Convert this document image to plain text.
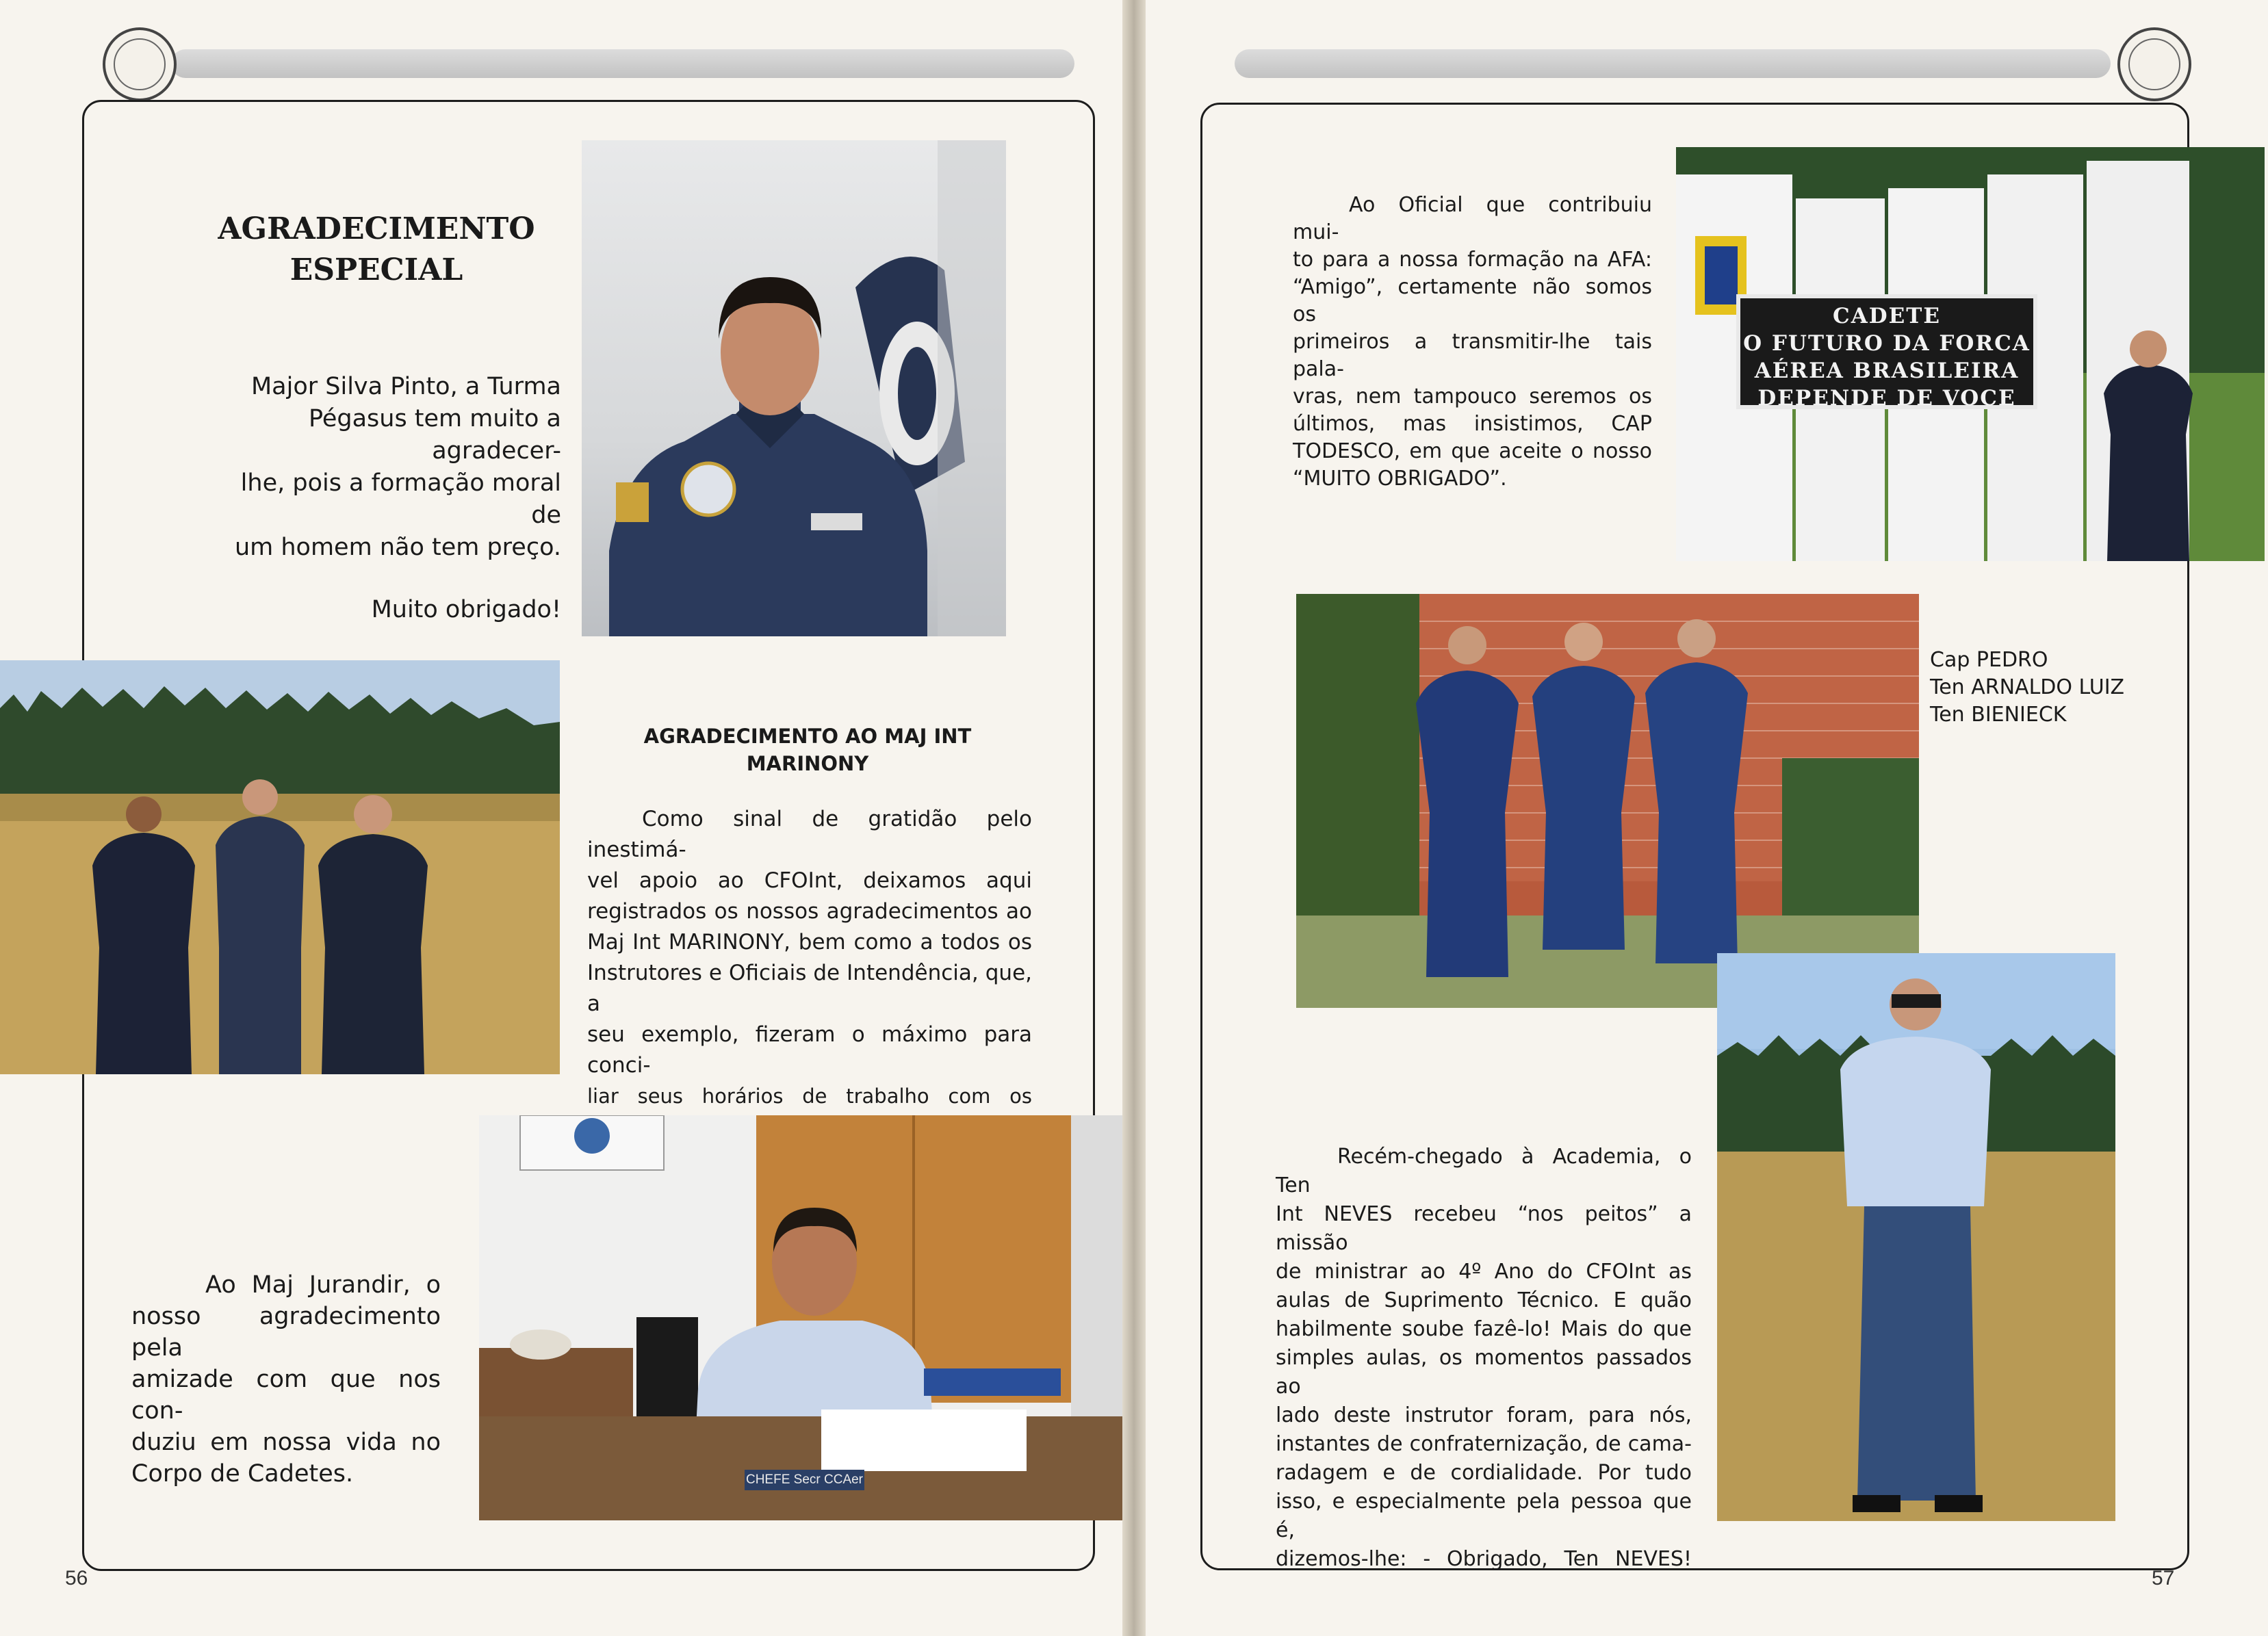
AGRADECIMENTO
ESPECIAL
Major Silva Pinto, a Turma
Pégasus tem muito a agradecer-
lhe, pois a formação moral de
um homem não tem preço.
Muito obrigado!
AGRADECIMENTO AO MAJ INT
MARINONY
Como sinal de gratidão pelo inestimá-
vel apoio ao CFOInt, deixamos aqui
registrados os nossos agradecimentos ao
Maj Int MARINONY, bem como a todos os
Instrutores e Oficiais de Intendência, que, a
seu exemplo, fizeram o máximo para conci-
liar seus horários de trabalho com os
Ao Maj Jurandir, o
nosso agradecimento pela
amizade com que nos con-
duziu em nossa vida no
Corpo de Cadetes.	CHEFE Secr CCAer
56
Ao Oficial que contribuiu mui-
to para a nossa formação na AFA:
“Amigo”, certamente não somos os
primeiros a transmitir-lhe tais pala-
vras, nem tampouco seremos os
últimos, mas insistimos, CAP
TODESCO, em que aceite o nosso
“MUITO OBRIGADO”.
CADETE
O FUTURO DA FORCA
AÉREA BRASILEIRA
DEPENDE DE VOCE
Cap PEDRO
Ten ARNALDO LUIZ
Ten BIENIECK
Recém-chegado à Academia, o Ten
Int NEVES recebeu “nos peitos” a missão
de ministrar ao 4º Ano do CFOInt as
aulas de Suprimento Técnico. E quão
habilmente soube fazê-lo! Mais do que
simples aulas, os momentos passados ao
lado deste instrutor foram, para nós,
instantes de confraternização, de cama-
radagem e de cordialidade. Por tudo
isso, e especialmente pela pessoa que é,
dizemos-lhe: - Obrigado, Ten NEVES!
57
